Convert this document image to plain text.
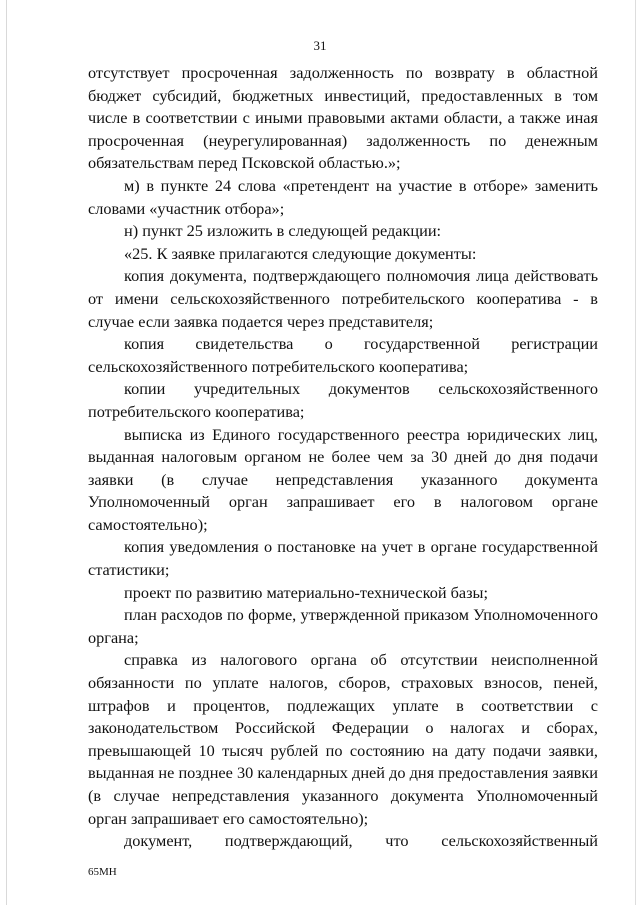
31

отсутствует просроченная задолженность по возврату в областной бюджет субсидий, бюджетных инвестиций, предоставленных в том числе в соответствии с иными правовыми актами области, а также иная просроченная (неурегулированная) задолженность по денежным обязательствам перед Псковской областью.»;

м) в пункте 24 слова «претендент на участие в отборе» заменить словами «участник отбора»;

н) пункт 25 изложить в следующей редакции:

«25. К заявке прилагаются следующие документы:

копия документа, подтверждающего полномочия лица действовать от имени сельскохозяйственного потребительского кооператива - в случае если заявка подается через представителя;

копия свидетельства о государственной регистрации сельскохозяйственного потребительского кооператива;

копии учредительных документов сельскохозяйственного потребительского кооператива;

выписка из Единого государственного реестра юридических лиц, выданная налоговым органом не более чем за 30 дней до дня подачи заявки (в случае непредставления указанного документа Уполномоченный орган запрашивает его в налоговом органе самостоятельно);

копия уведомления о постановке на учет в органе государственной статистики;

проект по развитию материально-технической базы;

план расходов по форме, утвержденной приказом Уполномоченного органа;

справка из налогового органа об отсутствии неисполненной обязанности по уплате налогов, сборов, страховых взносов, пеней, штрафов и процентов, подлежащих уплате в соответствии с законодательством Российской Федерации о налогах и сборах, превышающей 10 тысяч рублей по состоянию на дату подачи заявки, выданная не позднее 30 календарных дней до дня предоставления заявки (в случае непредставления указанного документа Уполномоченный орган запрашивает его самостоятельно);

документ, подтверждающий, что сельскохозяйственный

65МН
